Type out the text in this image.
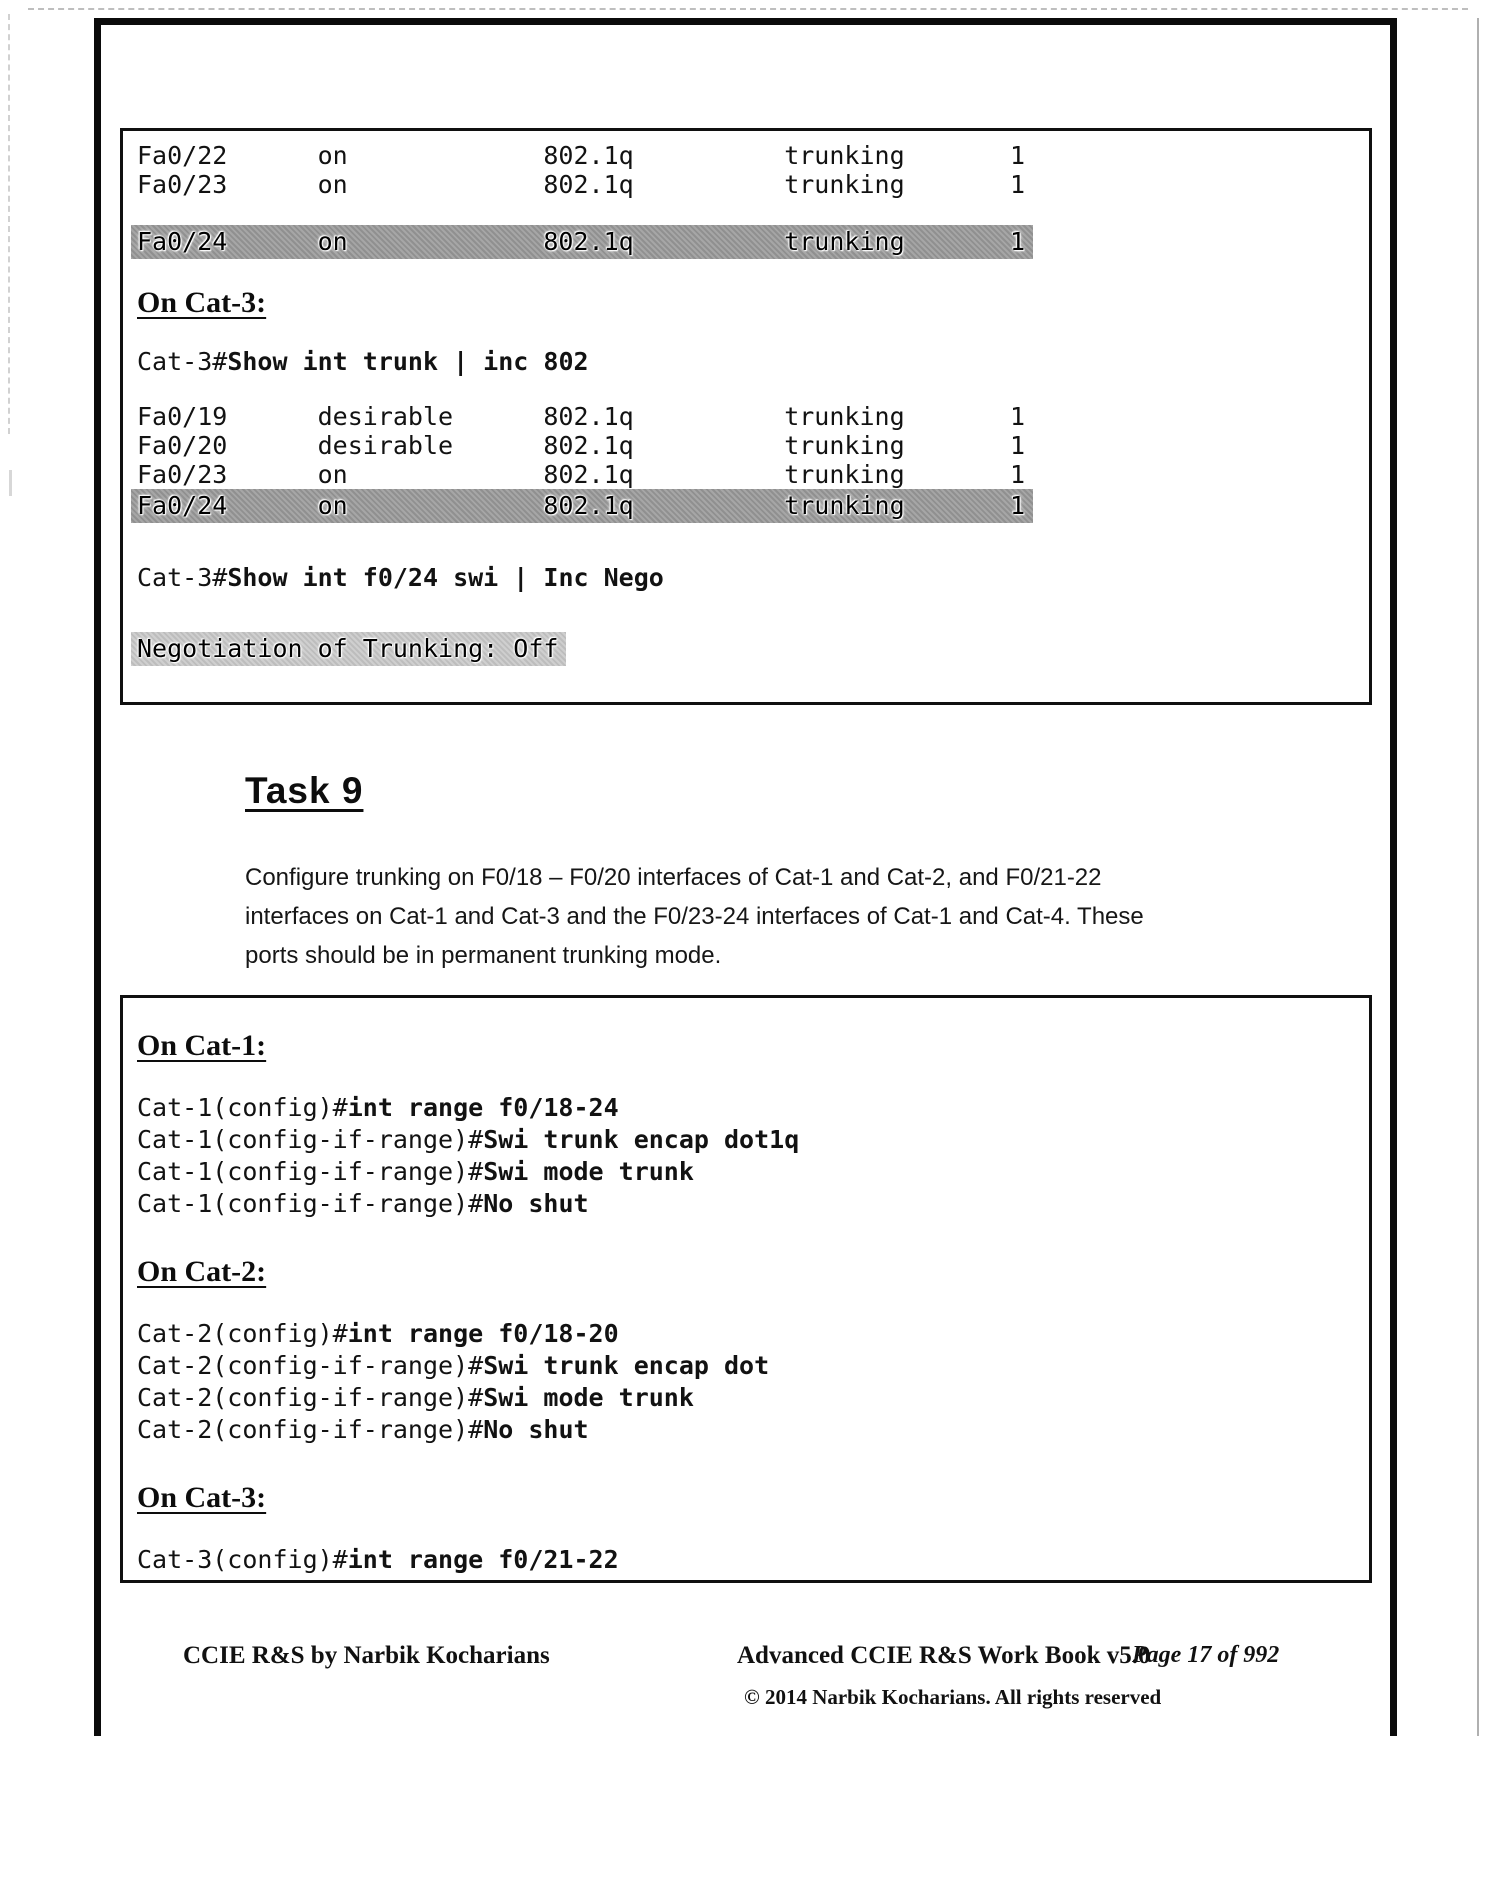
Fa0/22      on             802.1q          trunking       1
Fa0/23      on             802.1q          trunking       1
Fa0/24      on             802.1q          trunking       1
On Cat-3:
Cat-3#Show int trunk | inc 802
Fa0/19      desirable      802.1q          trunking       1
Fa0/20      desirable      802.1q          trunking       1
Fa0/23      on             802.1q          trunking       1
Fa0/24      on             802.1q          trunking       1
Cat-3#Show int f0/24 swi | Inc Nego
Negotiation of Trunking: Off
Task 9
Configure trunking on F0/18 – F0/20 interfaces of Cat-1 and Cat-2, and F0/21-22
interfaces on Cat-1 and Cat-3 and the F0/23-24 interfaces of Cat-1 and Cat-4. These
ports should be in permanent trunking mode.
On Cat-1:
Cat-1(config)#int range f0/18-24
Cat-1(config-if-range)#Swi trunk encap dot1q
Cat-1(config-if-range)#Swi mode trunk
Cat-1(config-if-range)#No shut
On Cat-2:
Cat-2(config)#int range f0/18-20
Cat-2(config-if-range)#Swi trunk encap dot
Cat-2(config-if-range)#Swi mode trunk
Cat-2(config-if-range)#No shut
On Cat-3:
Cat-3(config)#int range f0/21-22
CCIE R&S by Narbik Kocharians	Advanced CCIE R&S Work Book v5.0
© 2014 Narbik Kocharians. All rights reserved
Page 17 of 992
